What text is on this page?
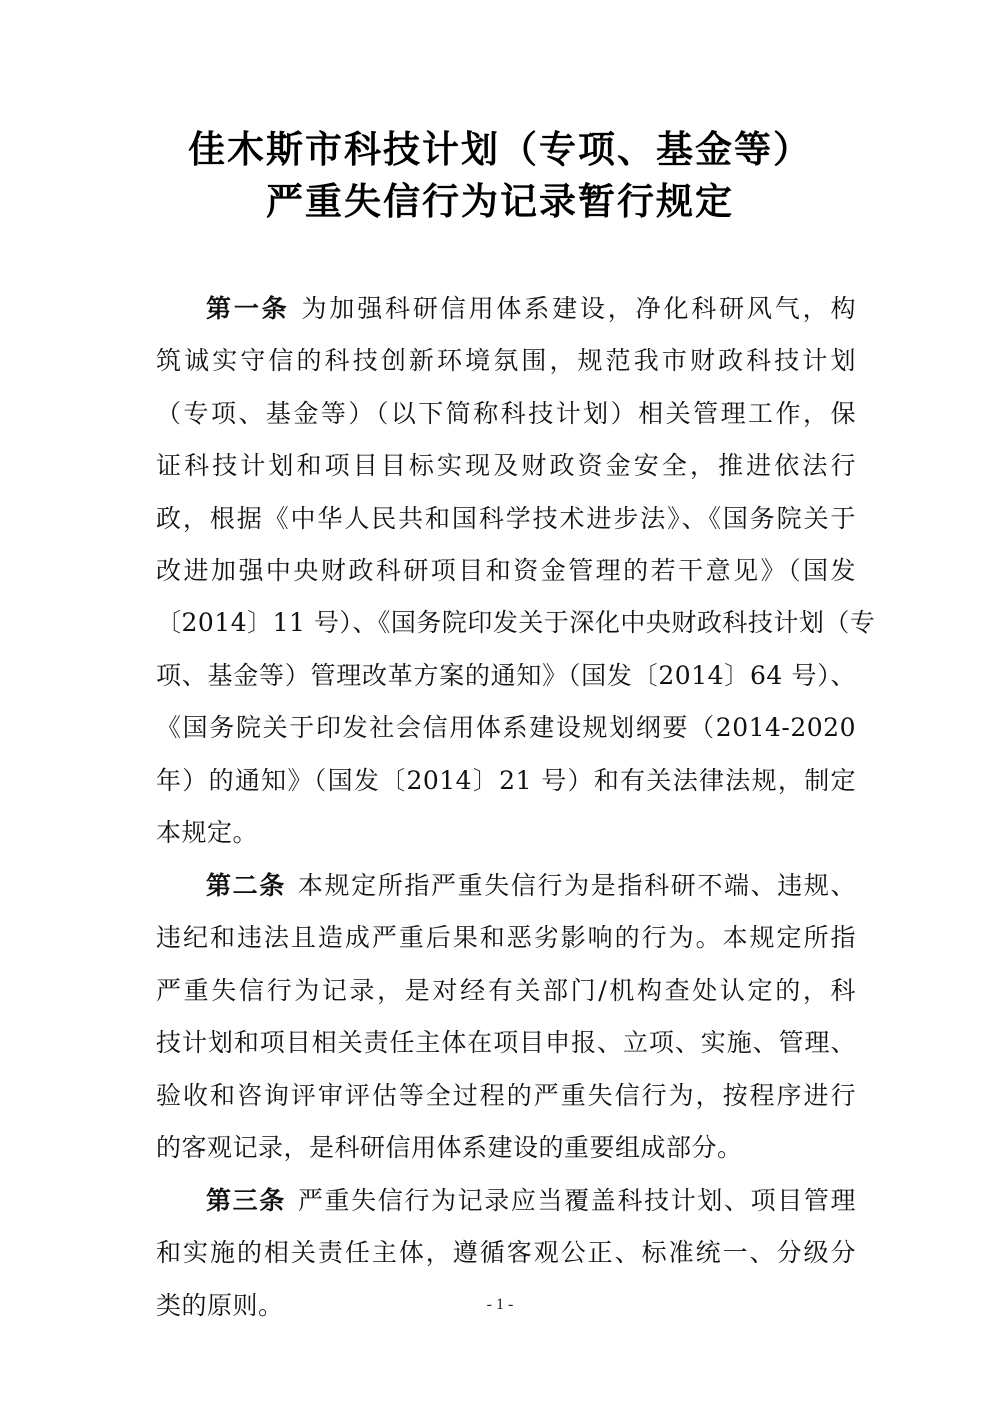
佳木斯市科技计划（专项、基金等）
严重失信行为记录暂行规定
第一条 为加强科研信用体系建设，净化科研风气，构
筑诚实守信的科技创新环境氛围，规范我市财政科技计划
（专项、基金等）（以下简称科技计划）相关管理工作，保
证科技计划和项目目标实现及财政资金安全，推进依法行
政，根据《中华人民共和国科学技术进步法》、《国务院关于
改进加强中央财政科研项目和资金管理的若干意见》（国发
〔2014〕11 号）、《国务院印发关于深化中央财政科技计划（专
项、基金等）管理改革方案的通知》（国发〔2014〕64 号）、
《国务院关于印发社会信用体系建设规划纲要（2014-2020
年）的通知》（国发〔2014〕21 号）和有关法律法规，制定
本规定。
第二条 本规定所指严重失信行为是指科研不端、违规、
违纪和违法且造成严重后果和恶劣影响的行为。本规定所指
严重失信行为记录，是对经有关部门/机构查处认定的，科
技计划和项目相关责任主体在项目申报、立项、实施、管理、
验收和咨询评审评估等全过程的严重失信行为，按程序进行
的客观记录，是科研信用体系建设的重要组成部分。
第三条 严重失信行为记录应当覆盖科技计划、项目管理
和实施的相关责任主体，遵循客观公正、标准统一、分级分
类的原则。	- 1 -
